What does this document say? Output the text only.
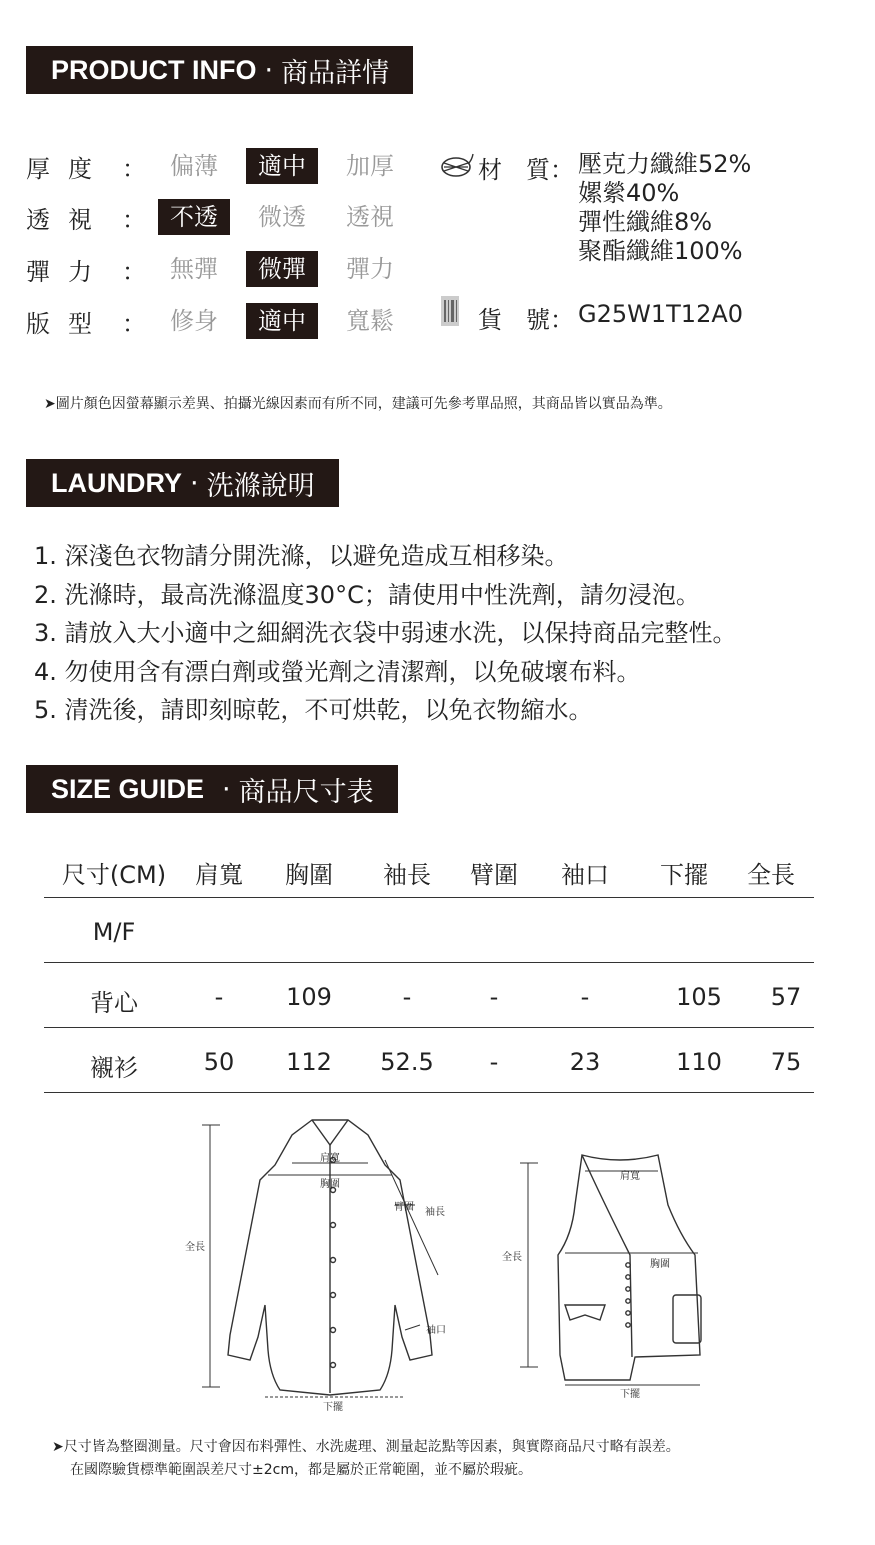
PRODUCT INFO · 商品詳情
厚度 ：	偏薄	適中	加厚
透視 ：	不透	微透	透視
彈力 ：	無彈	微彈	彈力
版型 ：	修身	適中	寬鬆
材　質： 壓克力纖維52%
嫘縈40%
彈性纖維8%
聚酯纖維100%
貨　號： G25W1T12A0
➤圖片顏色因螢幕顯示差異、拍攝光線因素而有所不同，建議可先參考單品照，其商品皆以實品為準。
LAUNDRY · 洗滌說明
1. 深淺色衣物請分開洗滌，以避免造成互相移染。
2. 洗滌時，最高洗滌溫度30°C；請使用中性洗劑，請勿浸泡。
3. 請放入大小適中之細網洗衣袋中弱速水洗，以保持商品完整性。
4. 勿使用含有漂白劑或螢光劑之清潔劑，以免破壞布料。
5. 清洗後，請即刻晾乾，不可烘乾，以免衣物縮水。
SIZE GUIDE · 商品尺寸表
尺寸(CM) 肩寬 胸圍 袖長 臂圍 袖口 下擺 全長
M/F
背心	-	109	-	-	-	105 57
襯衫	50 112 52.5 -	23	110 75
全長
肩寬
胸圍
臂圍 袖長
袖口
下擺
全長
肩寬
胸圍
下擺
➤尺寸皆為整圈測量。尺寸會因布料彈性、水洗處理、測量起訖點等因素，與實際商品尺寸略有誤差。
在國際驗貨標準範圍誤差尺寸±2cm，都是屬於正常範圍，並不屬於瑕疵。
